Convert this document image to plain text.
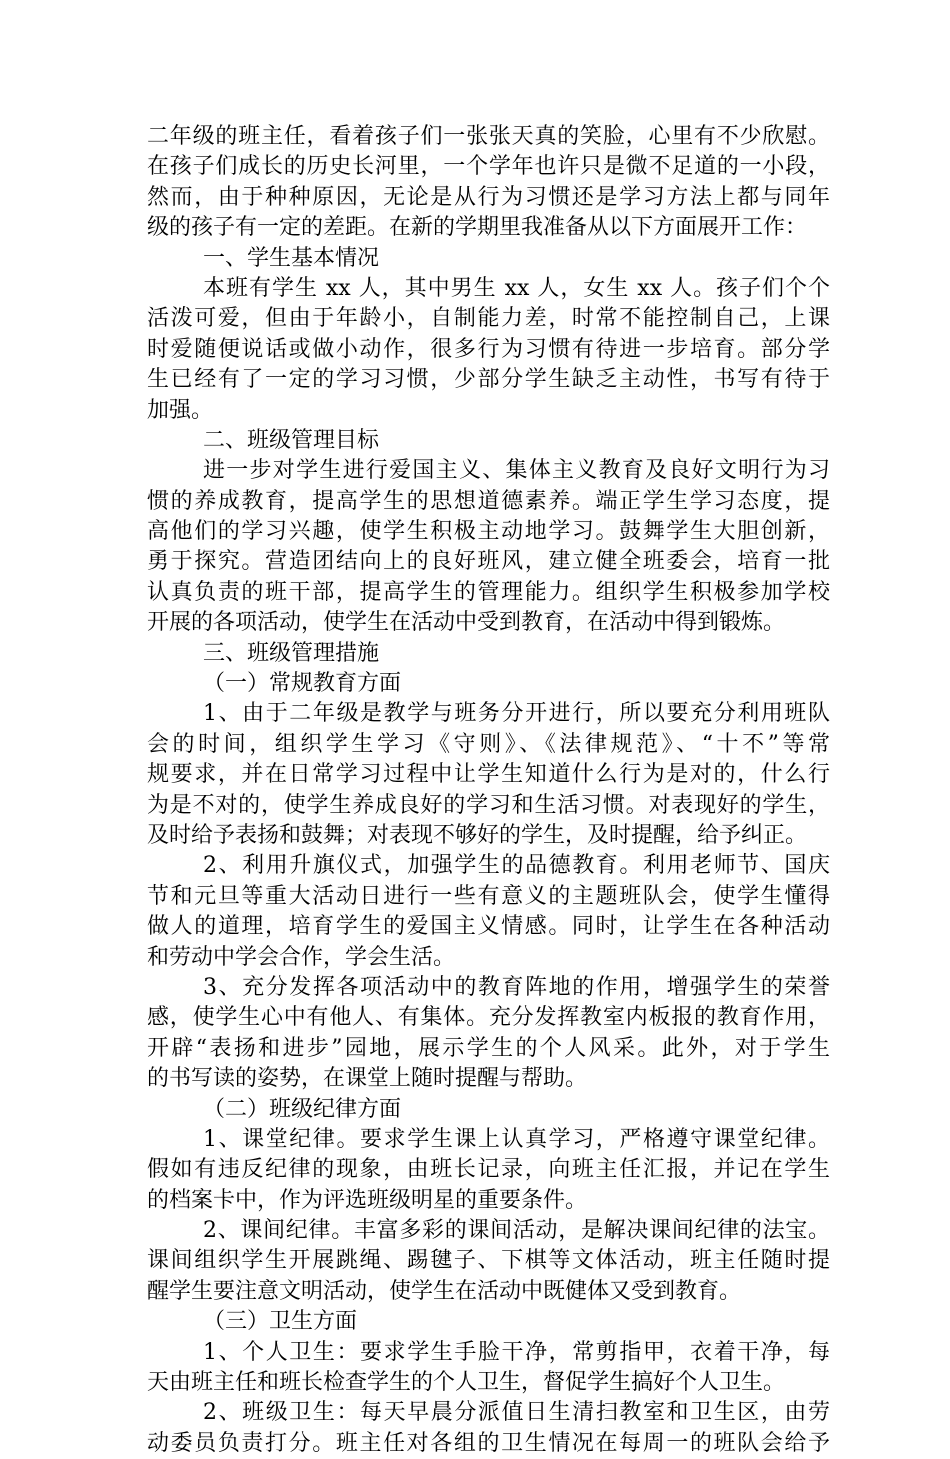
二年级的班主任，看着孩子们一张张天真的笑脸，心里有不少欣慰。
在孩子们成长的历史长河里，一个学年也许只是微不足道的一小段，
然而，由于种种原因，无论是从行为习惯还是学习方法上都与同年
级的孩子有一定的差距。在新的学期里我准备从以下方面展开工作：
一、学生基本情况
本班有学生 xx 人，其中男生 xx 人，女生 xx 人。孩子们个个
活泼可爱，但由于年龄小，自制能力差，时常不能控制自己，上课
时爱随便说话或做小动作，很多行为习惯有待进一步培育。部分学
生已经有了一定的学习习惯，少部分学生缺乏主动性，书写有待于
加强。
二、班级管理目标
进一步对学生进行爱国主义、集体主义教育及良好文明行为习
惯的养成教育，提高学生的思想道德素养。端正学生学习态度，提
高他们的学习兴趣，使学生积极主动地学习。鼓舞学生大胆创新，
勇于探究。营造团结向上的良好班风，建立健全班委会，培育一批
认真负责的班干部，提高学生的管理能力。组织学生积极参加学校
开展的各项活动，使学生在活动中受到教育，在活动中得到锻炼。
三、班级管理措施
（一）常规教育方面
1、由于二年级是教学与班务分开进行，所以要充分利用班队
会的时间，组织学生学习《守则》、《法律规范》、“十不”等常
规要求，并在日常学习过程中让学生知道什么行为是对的，什么行
为是不对的，使学生养成良好的学习和生活习惯。对表现好的学生，
及时给予表扬和鼓舞；对表现不够好的学生，及时提醒，给予纠正。
2、利用升旗仪式，加强学生的品德教育。利用老师节、国庆
节和元旦等重大活动日进行一些有意义的主题班队会，使学生懂得
做人的道理，培育学生的爱国主义情感。同时，让学生在各种活动
和劳动中学会合作，学会生活。
3、充分发挥各项活动中的教育阵地的作用，增强学生的荣誉
感，使学生心中有他人、有集体。充分发挥教室内板报的教育作用，
开辟“表扬和进步”园地，展示学生的个人风采。此外，对于学生
的书写读的姿势，在课堂上随时提醒与帮助。
（二）班级纪律方面
1、课堂纪律。要求学生课上认真学习，严格遵守课堂纪律。
假如有违反纪律的现象，由班长记录，向班主任汇报，并记在学生
的档案卡中，作为评选班级明星的重要条件。
2、课间纪律。丰富多彩的课间活动，是解决课间纪律的法宝。
课间组织学生开展跳绳、踢毽子、下棋等文体活动，班主任随时提
醒学生要注意文明活动，使学生在活动中既健体又受到教育。
（三）卫生方面
1、个人卫生：要求学生手脸干净，常剪指甲，衣着干净，每
天由班主任和班长检查学生的个人卫生，督促学生搞好个人卫生。
2、班级卫生：每天早晨分派值日生清扫教室和卫生区，由劳
动委员负责打分。班主任对各组的卫生情况在每周一的班队会给予
